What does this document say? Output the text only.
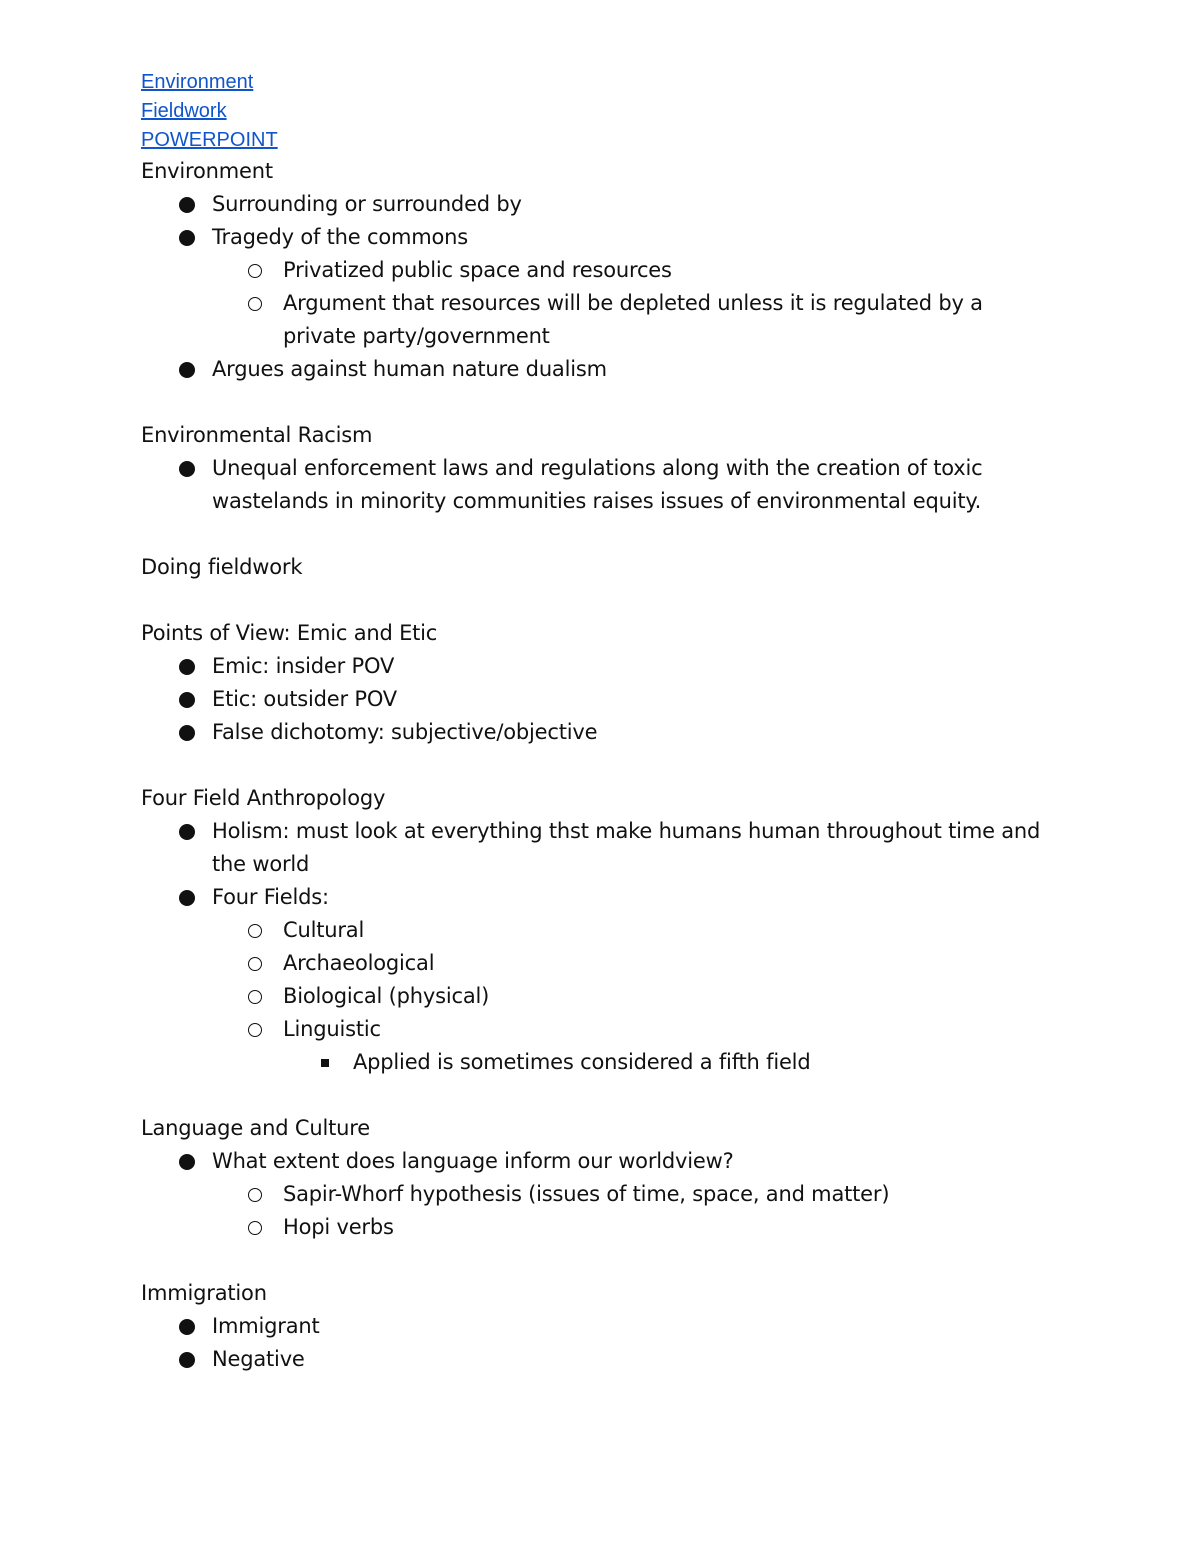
Environment
Fieldwork
POWERPOINT
Environment
Surrounding or surrounded by
Tragedy of the commons
Privatized public space and resources
Argument that resources will be depleted unless it is regulated by a private party/government
Argues against human nature dualism
Environmental Racism
Unequal enforcement laws and regulations along with the creation of toxic wastelands in minority communities raises issues of environmental equity.
Doing fieldwork
Points of View: Emic and Etic
Emic: insider POV
Etic: outsider POV
False dichotomy: subjective/objective
Four Field Anthropology
Holism: must look at everything thst make humans human throughout time and the world
Four Fields:
Cultural
Archaeological
Biological (physical)
Linguistic
Applied is sometimes considered a fifth field
Language and Culture
What extent does language inform our worldview?
Sapir-Whorf hypothesis (issues of time, space, and matter)
Hopi verbs
Immigration
Immigrant
Negative
